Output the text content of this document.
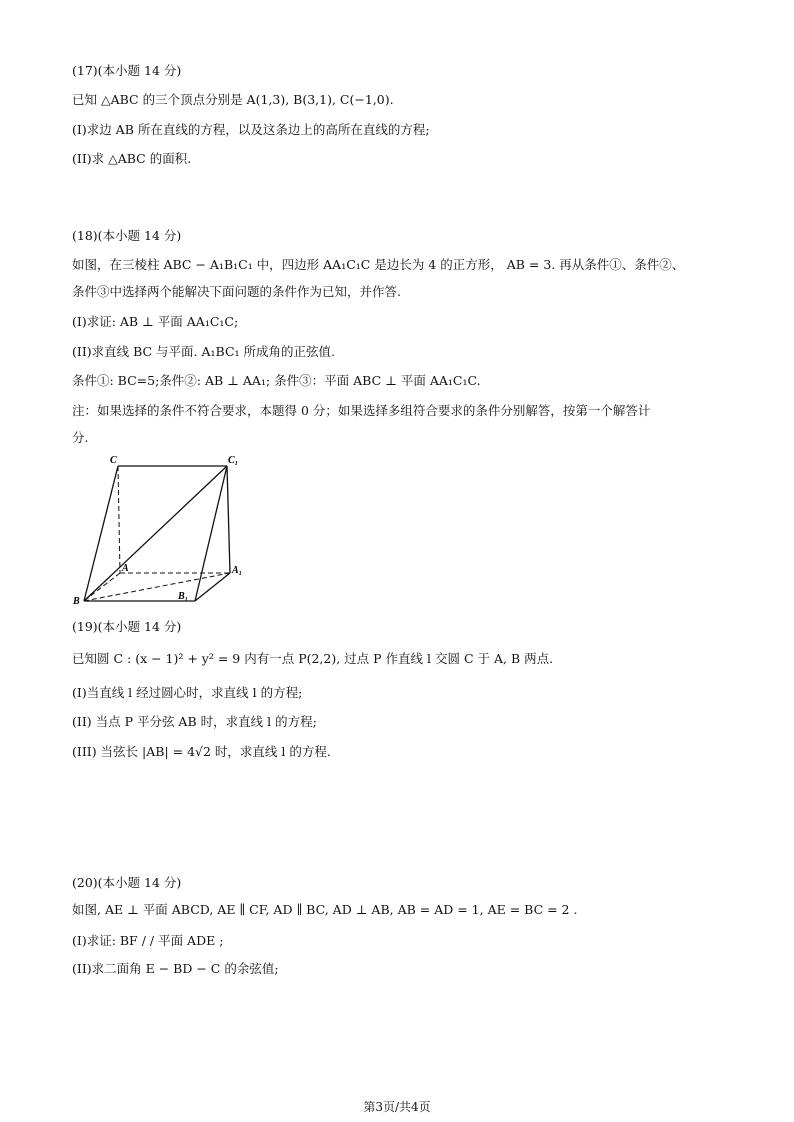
(17)(本小题 14 分)
已知 △ABC 的三个顶点分别是 A(1,3), B(3,1), C(−1,0).
(I)求边 AB 所在直线的方程，以及这条边上的高所在直线的方程;
(II)求 △ABC 的面积.
(18)(本小题 14 分)
如图，在三棱柱 ABC − A₁B₁C₁ 中，四边形 AA₁C₁C 是边长为 4 的正方形， AB = 3. 再从条件①、条件②、
条件③中选择两个能解决下面问题的条件作为已知，并作答.
(I)求证: AB ⊥ 平面 AA₁C₁C;
(II)求直线 BC 与平面. A₁BC₁ 所成角的正弦值.
条件①: BC=5;条件②: AB ⊥ AA₁; 条件③：平面 ABC ⊥ 平面 AA₁C₁C.
注：如果选择的条件不符合要求，本题得 0 分；如果选择多组符合要求的条件分别解答，按第一个解答计
分.
C	C₁
A	A₁
B	B₁
(19)(本小题 14 分)
已知圆 C : (x − 1)² + y² = 9 内有一点 P(2,2), 过点 P 作直线 l 交圆 C 于 A, B 两点.
(I)当直线 l 经过圆心时，求直线 l 的方程;
(II) 当点 P 平分弦 AB 时，求直线 l 的方程;
(III) 当弦长 |AB| = 4√2 时，求直线 l 的方程.
(20)(本小题 14 分)
如图, AE ⊥ 平面 ABCD, AE ∥ CF, AD ∥ BC, AD ⊥ AB, AB = AD = 1, AE = BC = 2 .
(I)求证: BF / / 平面 ADE ;
(II)求二面角 E − BD − C 的余弦值;
第3页/共4页
